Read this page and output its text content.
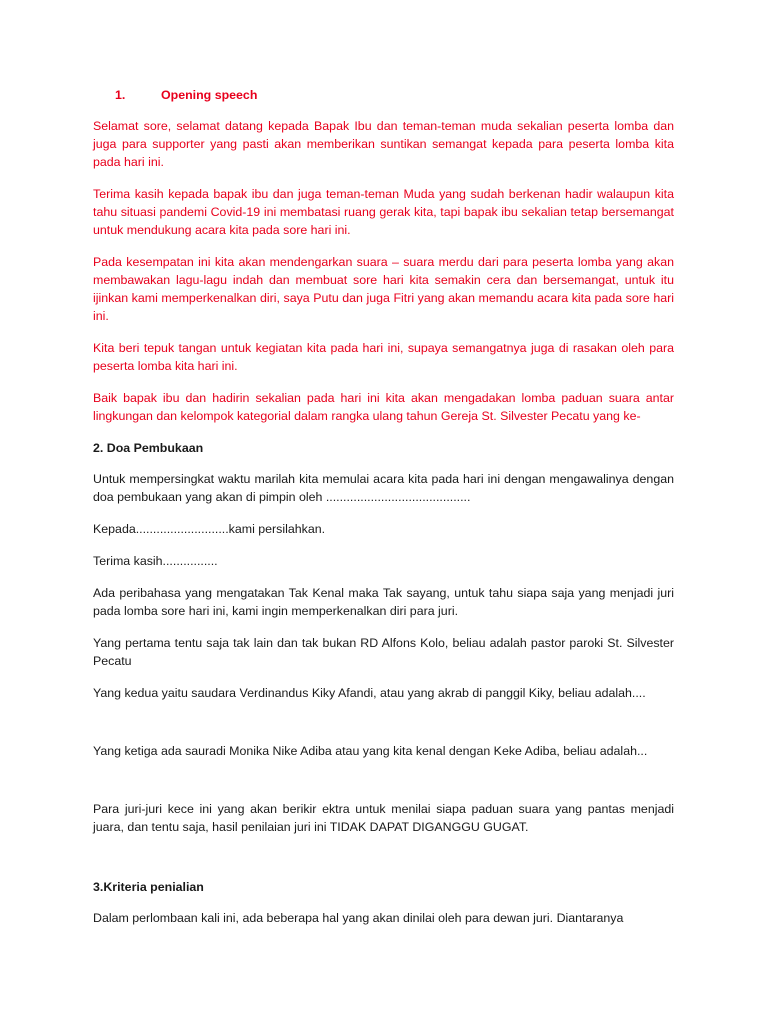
1.	Opening speech

Selamat sore, selamat datang kepada Bapak Ibu dan teman-teman muda sekalian peserta lomba dan juga para supporter yang pasti akan memberikan suntikan semangat kepada para peserta lomba kita pada hari ini.

Terima kasih kepada bapak ibu dan juga teman-teman Muda yang sudah berkenan hadir walaupun kita tahu situasi pandemi Covid-19 ini membatasi ruang gerak kita, tapi bapak ibu sekalian tetap bersemangat untuk mendukung acara kita pada sore hari ini.

Pada kesempatan ini kita akan mendengarkan suara – suara merdu dari para peserta lomba yang akan membawakan lagu-lagu indah dan membuat sore hari kita semakin cera dan bersemangat, untuk itu ijinkan kami memperkenalkan diri, saya Putu dan juga Fitri yang akan memandu acara kita pada sore hari ini.

Kita beri tepuk tangan untuk kegiatan kita pada hari ini, supaya semangatnya juga di rasakan oleh para peserta lomba kita hari ini.

Baik bapak ibu dan hadirin sekalian pada hari ini kita akan mengadakan lomba paduan suara antar lingkungan dan kelompok kategorial dalam rangka ulang tahun Gereja St. Silvester Pecatu yang ke-

2. Doa Pembukaan

Untuk mempersingkat waktu marilah kita memulai acara kita pada hari ini dengan mengawalinya dengan doa pembukaan yang akan di pimpin oleh ..........................................

Kepada...........................kami persilahkan.

Terima kasih................

Ada peribahasa yang mengatakan Tak Kenal maka Tak sayang, untuk tahu siapa saja yang menjadi juri pada lomba sore hari ini, kami ingin memperkenalkan diri para juri.

Yang pertama tentu saja tak lain dan tak bukan RD Alfons Kolo, beliau adalah pastor paroki St. Silvester Pecatu

Yang kedua yaitu saudara Verdinandus Kiky Afandi, atau yang akrab di panggil Kiky, beliau adalah....

Yang ketiga ada sauradi Monika Nike Adiba atau yang kita kenal dengan Keke Adiba, beliau adalah...

Para juri-juri kece ini yang akan berikir ektra untuk menilai siapa paduan suara yang pantas menjadi juara, dan tentu saja, hasil penilaian juri ini TIDAK DAPAT DIGANGGU GUGAT.

3.Kriteria penialian

Dalam perlombaan kali ini, ada beberapa hal yang akan dinilai oleh para dewan juri. Diantaranya
